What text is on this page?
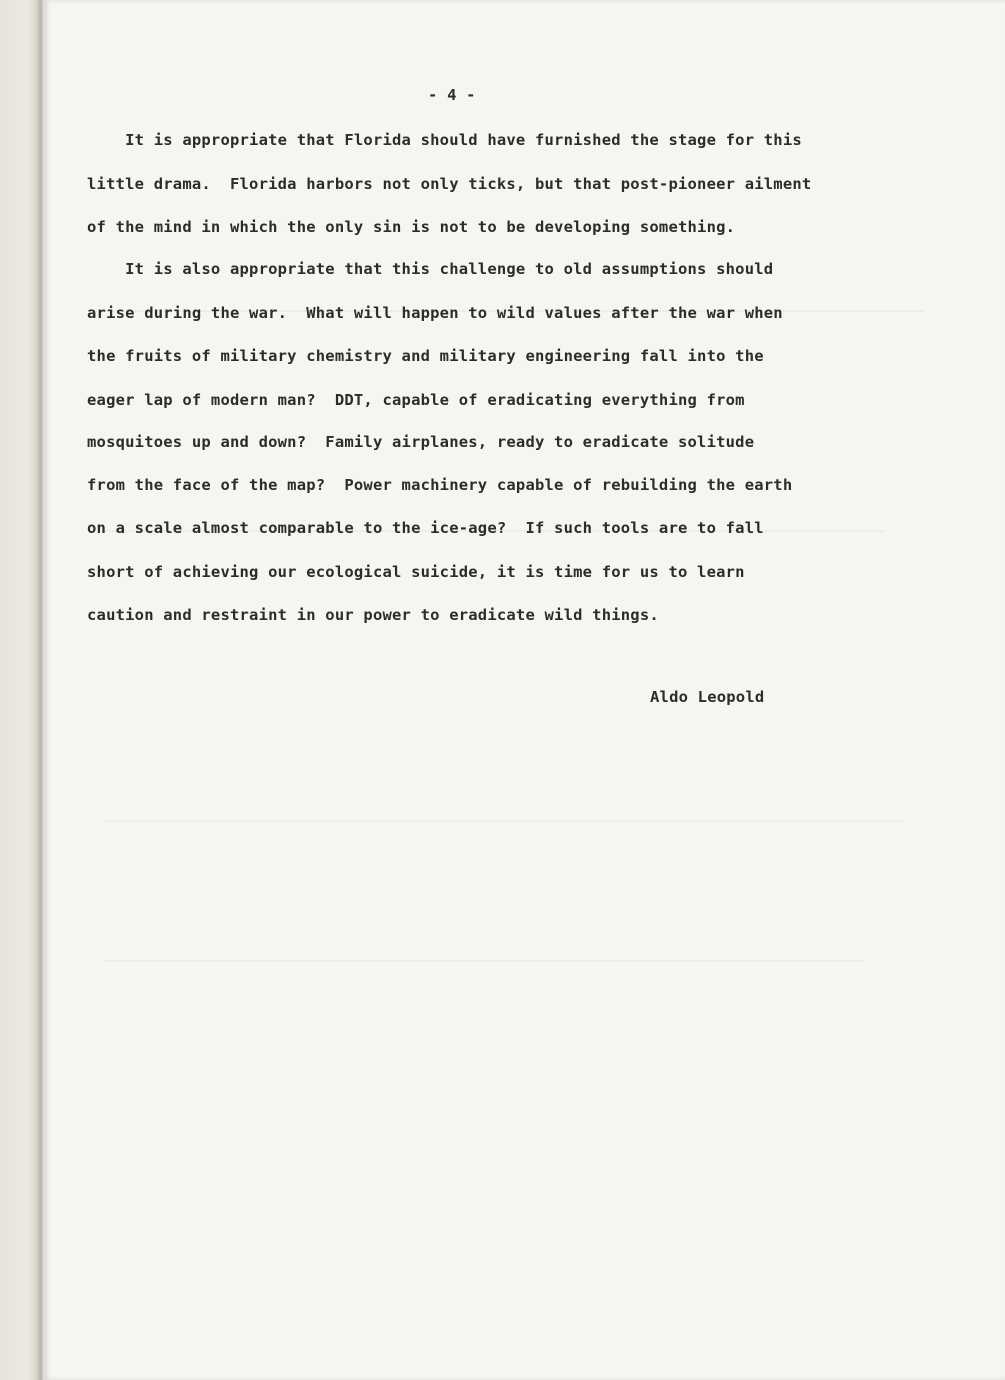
- 4 -

It is appropriate that Florida should have furnished the stage for this

little drama.  Florida harbors not only ticks, but that post-pioneer ailment

of the mind in which the only sin is not to be developing something.

It is also appropriate that this challenge to old assumptions should

arise during the war.  What will happen to wild values after the war when

the fruits of military chemistry and military engineering fall into the

eager lap of modern man?  DDT, capable of eradicating everything from

mosquitoes up and down?  Family airplanes, ready to eradicate solitude

from the face of the map?  Power machinery capable of rebuilding the earth

on a scale almost comparable to the ice-age?  If such tools are to fall

short of achieving our ecological suicide, it is time for us to learn

caution and restraint in our power to eradicate wild things.

Aldo Leopold
